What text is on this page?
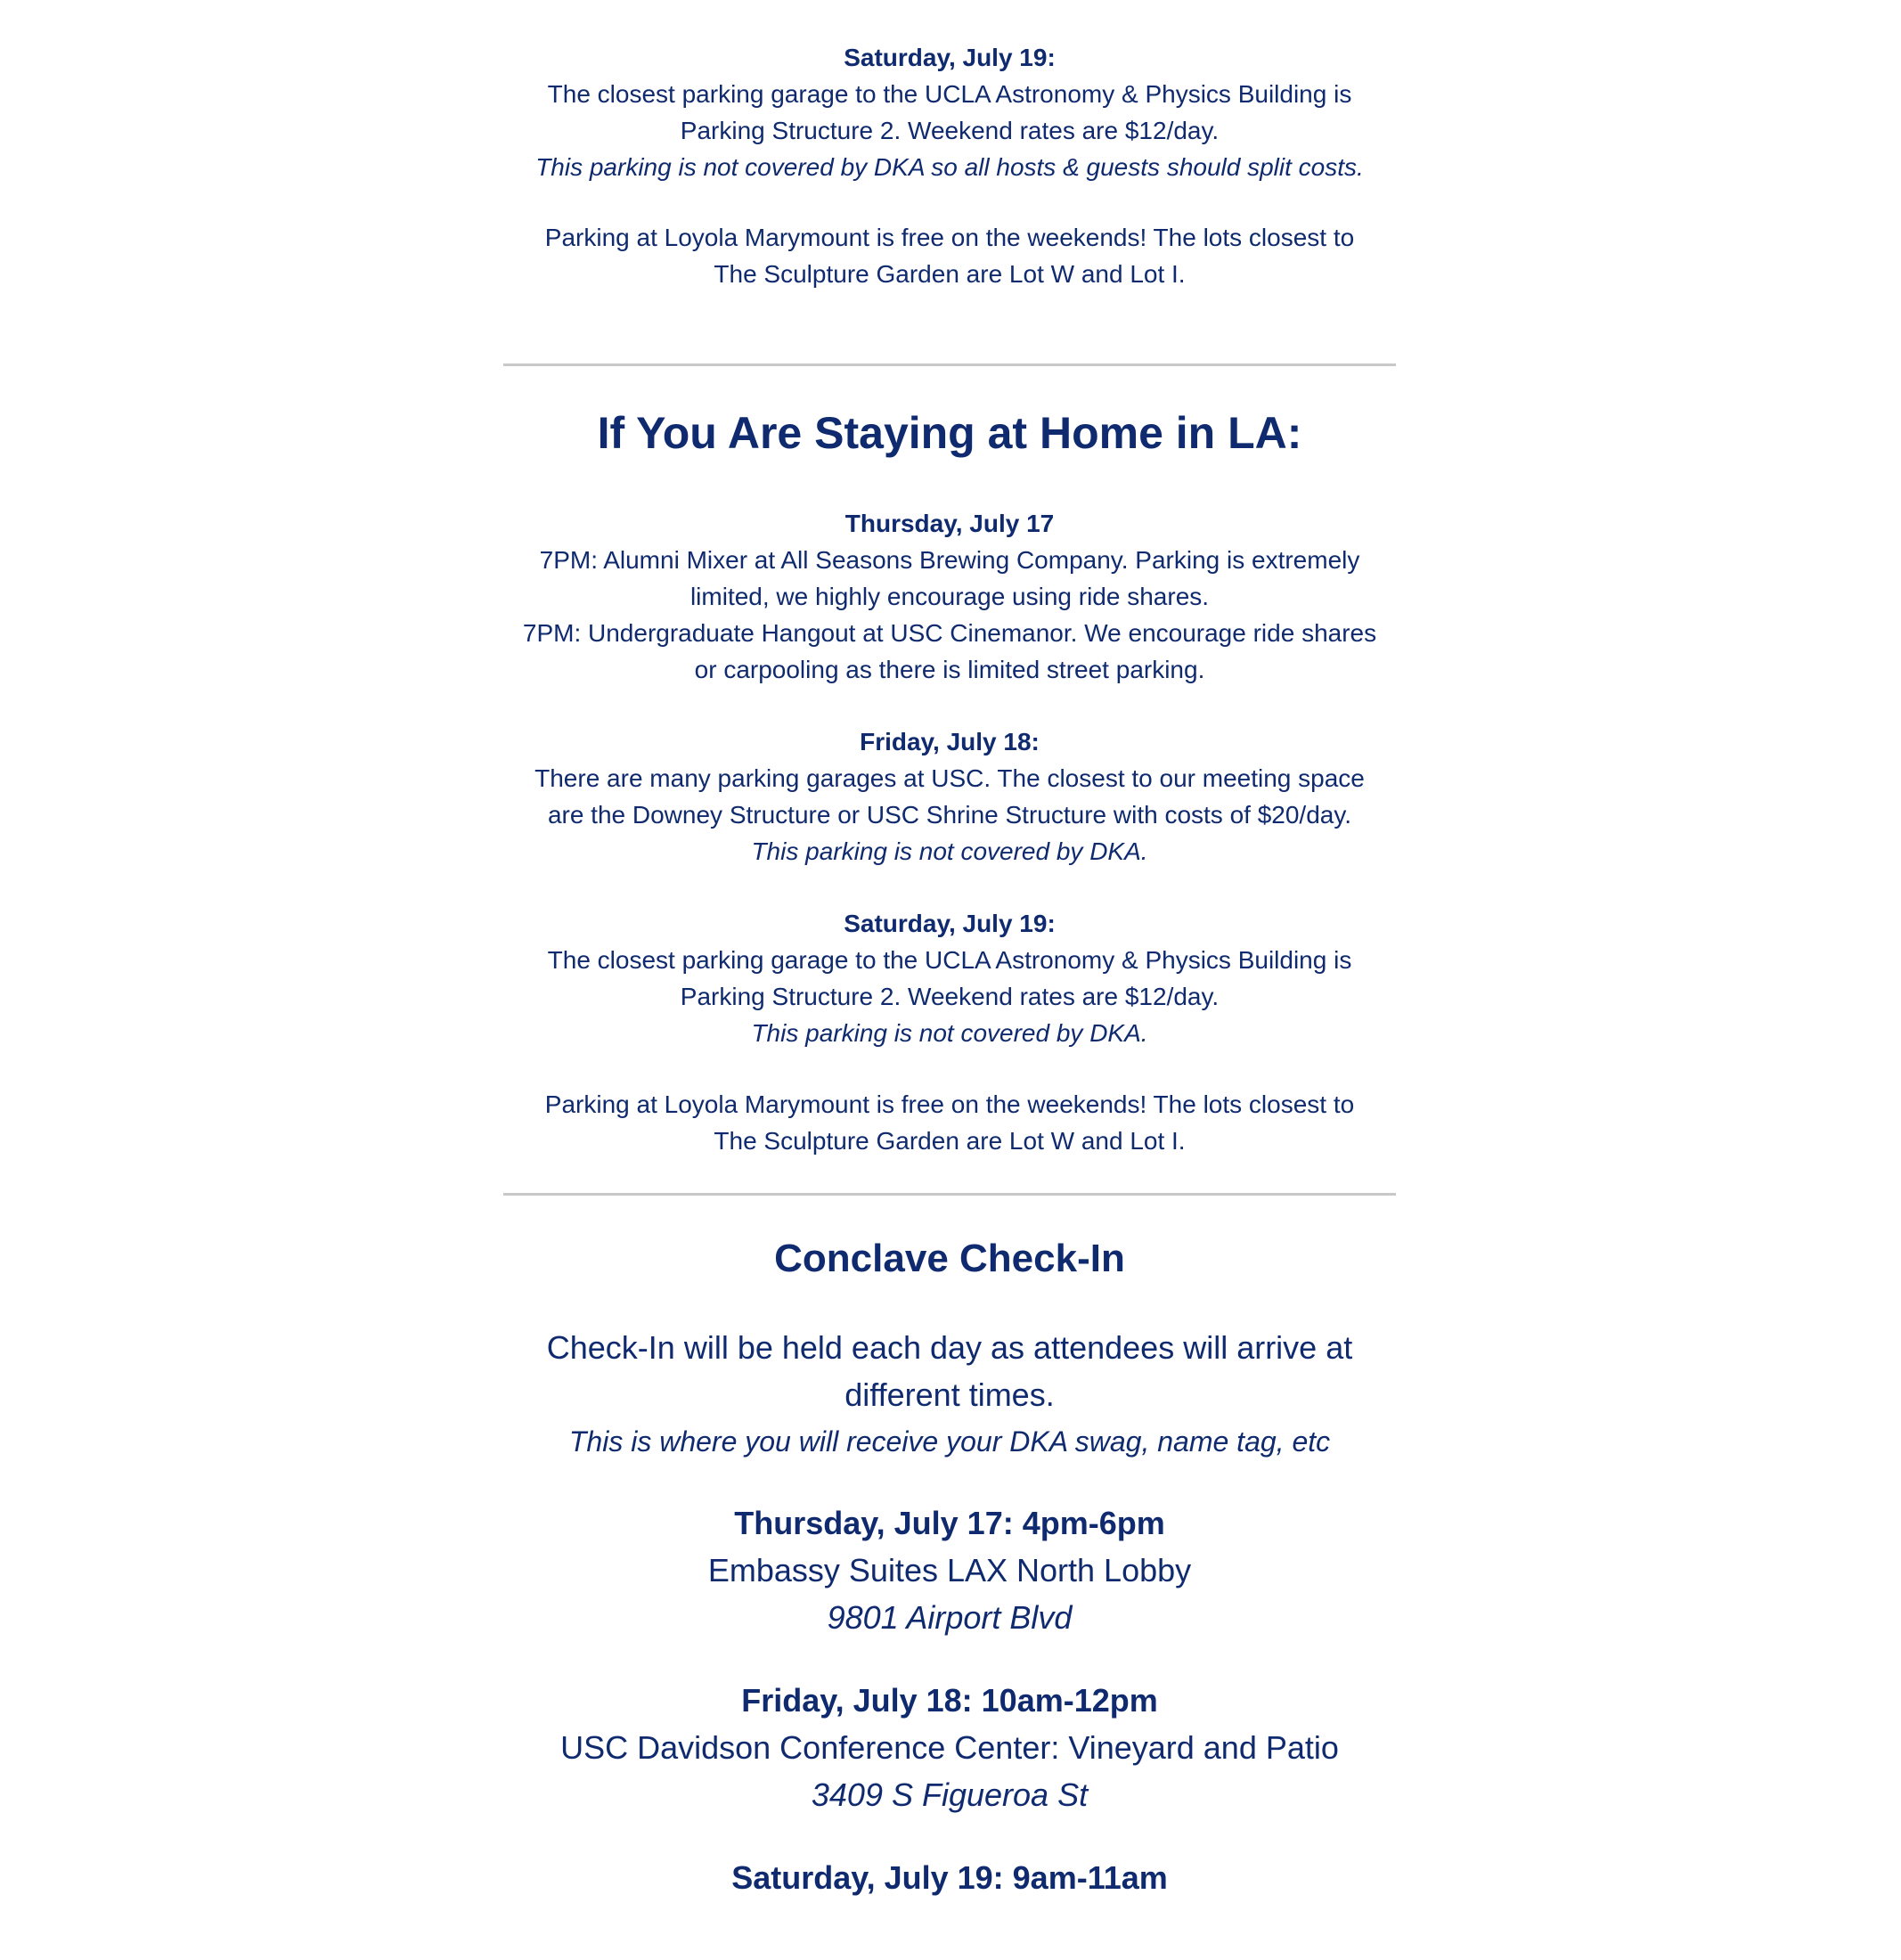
Saturday, July 19:

The closest parking garage to the UCLA Astronomy & Physics Building is

Parking Structure 2. Weekend rates are $12/day.

This parking is not covered by DKA so all hosts & guests should split costs.

Parking at Loyola Marymount is free on the weekends! The lots closest to

The Sculpture Garden are Lot W and Lot I.

If You Are Staying at Home in LA:

Thursday, July 17

7PM: Alumni Mixer at All Seasons Brewing Company. Parking is extremely

limited, we highly encourage using ride shares.

7PM: Undergraduate Hangout at USC Cinemanor. We encourage ride shares

or carpooling as there is limited street parking.

Friday, July 18:

There are many parking garages at USC. The closest to our meeting space

are the Downey Structure or USC Shrine Structure with costs of $20/day.

This parking is not covered by DKA.

Saturday, July 19:

The closest parking garage to the UCLA Astronomy & Physics Building is

Parking Structure 2. Weekend rates are $12/day.

This parking is not covered by DKA.

Parking at Loyola Marymount is free on the weekends! The lots closest to

The Sculpture Garden are Lot W and Lot I.

Conclave Check-In

Check-In will be held each day as attendees will arrive at

different times.

This is where you will receive your DKA swag, name tag, etc

Thursday, July 17: 4pm-6pm

Embassy Suites LAX North Lobby

9801 Airport Blvd

Friday, July 18: 10am-12pm

USC Davidson Conference Center: Vineyard and Patio

3409 S Figueroa St

Saturday, July 19: 9am-11am
